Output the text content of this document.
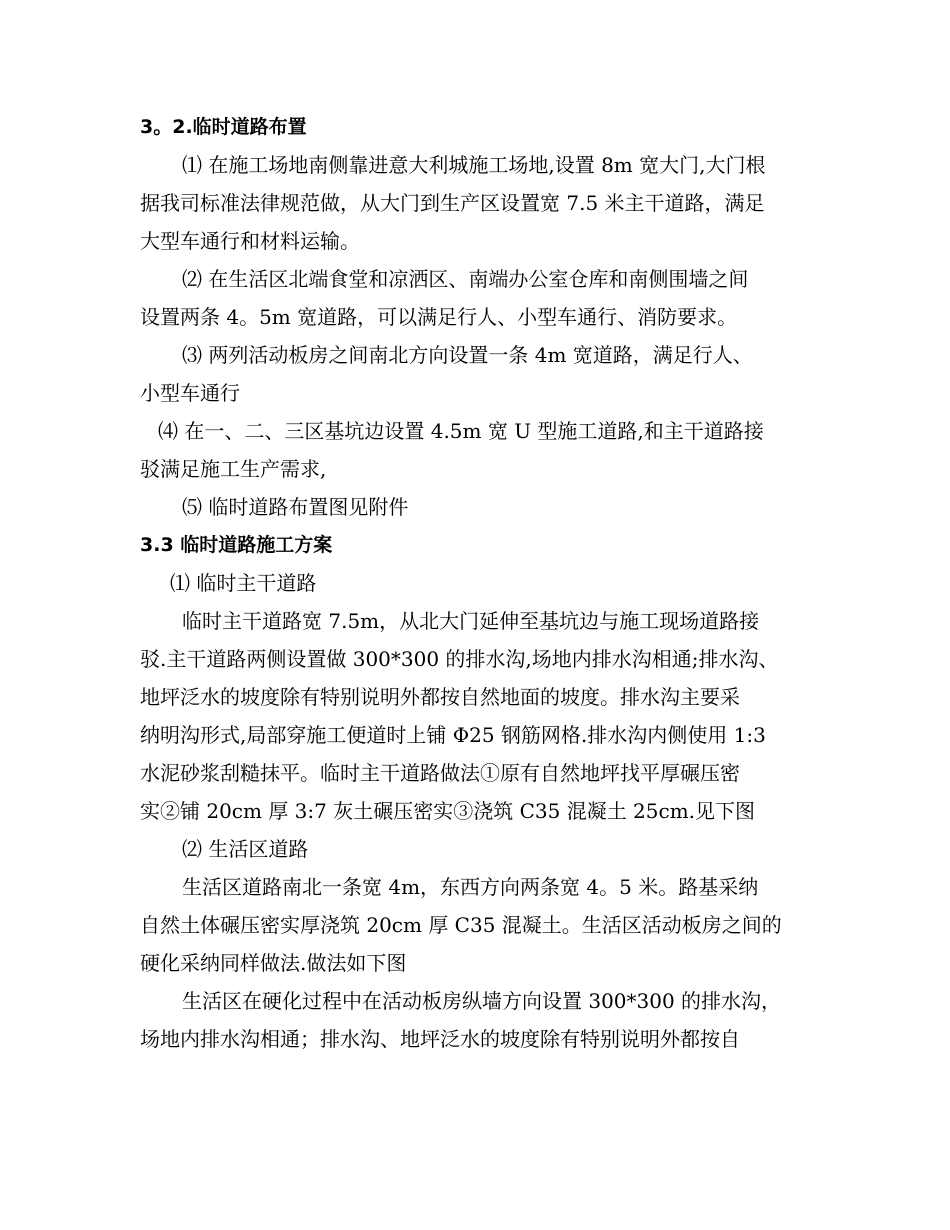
3。2.临时道路布置
⑴ 在施工场地南侧靠进意大利城施工场地,设置 8m 宽大门,大门根
据我司标准法律规范做，从大门到生产区设置宽 7.5 米主干道路，满足
大型车通行和材料运输。
⑵ 在生活区北端食堂和凉洒区、南端办公室仓库和南侧围墙之间
设置两条 4。5m 宽道路，可以满足行人、小型车通行、消防要求。
⑶ 两列活动板房之间南北方向设置一条 4m 宽道路，满足行人、
小型车通行
⑷ 在一、二、三区基坑边设置 4.5m 宽 U 型施工道路,和主干道路接
驳满足施工生产需求,
⑸ 临时道路布置图见附件
3.3 临时道路施工方案
⑴ 临时主干道路
临时主干道路宽 7.5m，从北大门延伸至基坑边与施工现场道路接
驳.主干道路两侧设置做 300*300 的排水沟,场地内排水沟相通;排水沟、
地坪泛水的坡度除有特别说明外都按自然地面的坡度。排水沟主要采
纳明沟形式,局部穿施工便道时上铺 Φ25 钢筋网格.排水沟内侧使用 1:3
水泥砂浆刮糙抹平。临时主干道路做法①原有自然地坪找平厚碾压密
实②铺 20cm 厚 3:7 灰土碾压密实③浇筑 C35 混凝土 25cm.见下图
⑵ 生活区道路
生活区道路南北一条宽 4m，东西方向两条宽 4。5 米。路基采纳
自然土体碾压密实厚浇筑 20cm 厚 C35 混凝土。生活区活动板房之间的
硬化采纳同样做法.做法如下图
生活区在硬化过程中在活动板房纵墙方向设置 300*300 的排水沟，
场地内排水沟相通；排水沟、地坪泛水的坡度除有特别说明外都按自
